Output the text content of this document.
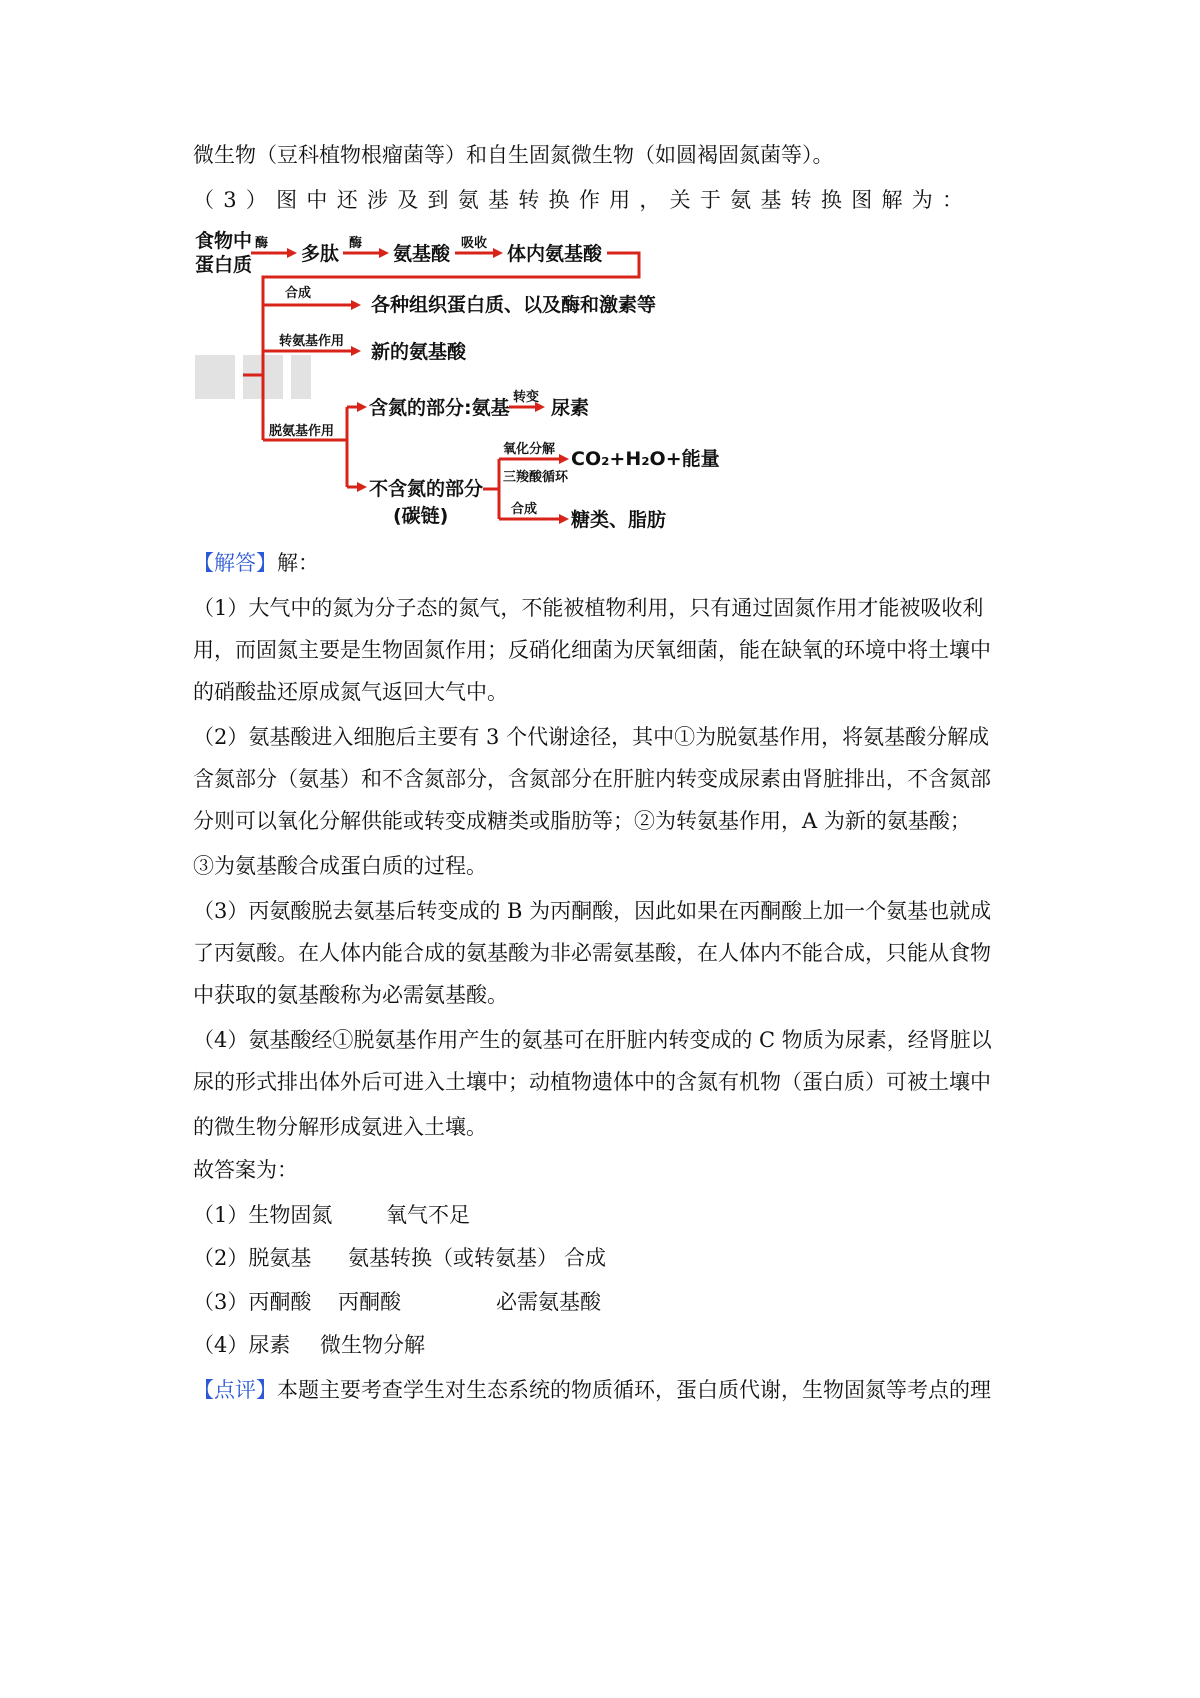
微生物（豆科植物根瘤菌等）和自生固氮微生物（如圆褐固氮菌等）。
（3）图中还涉及到氨基转换作用，关于氨基转换图解为：
食物中
蛋白质
酶 多肽 酶 氨基酸 吸收 体内氨基酸
合成
各种组织蛋白质、以及酶和激素等
转氨基作用 新的氨基酸
脱氨基作用
含氮的部分:氨基 转变 尿素
不含氮的部分
(碳链)
氧化分解
三羧酸循环
CO₂+H₂O+能量
合成 糖类、脂肪
【解答】解：
（1）大气中的氮为分子态的氮气，不能被植物利用，只有通过固氮作用才能被吸收利
用，而固氮主要是生物固氮作用；反硝化细菌为厌氧细菌，能在缺氧的环境中将土壤中
的硝酸盐还原成氮气返回大气中。
（2）氨基酸进入细胞后主要有 3 个代谢途径，其中①为脱氨基作用，将氨基酸分解成
含氮部分（氨基）和不含氮部分，含氮部分在肝脏内转变成尿素由肾脏排出，不含氮部
分则可以氧化分解供能或转变成糖类或脂肪等；②为转氨基作用，A 为新的氨基酸；
③为氨基酸合成蛋白质的过程。
（3）丙氨酸脱去氨基后转变成的 B 为丙酮酸，因此如果在丙酮酸上加一个氨基也就成
了丙氨酸。在人体内能合成的氨基酸为非必需氨基酸，在人体内不能合成，只能从食物
中获取的氨基酸称为必需氨基酸。
（4）氨基酸经①脱氨基作用产生的氨基可在肝脏内转变成的 C 物质为尿素，经肾脏以
尿的形式排出体外后可进入土壤中；动植物遗体中的含氮有机物（蛋白质）可被土壤中
的微生物分解形成氨进入土壤。
故答案为：
（1）生物固氮	氧气不足
（2）脱氨基 氨基转换（或转氨基） 合成
（3）丙酮酸 丙酮酸	必需氨基酸
（4）尿素 微生物分解
【点评】本题主要考查学生对生态系统的物质循环，蛋白质代谢，生物固氮等考点的理
